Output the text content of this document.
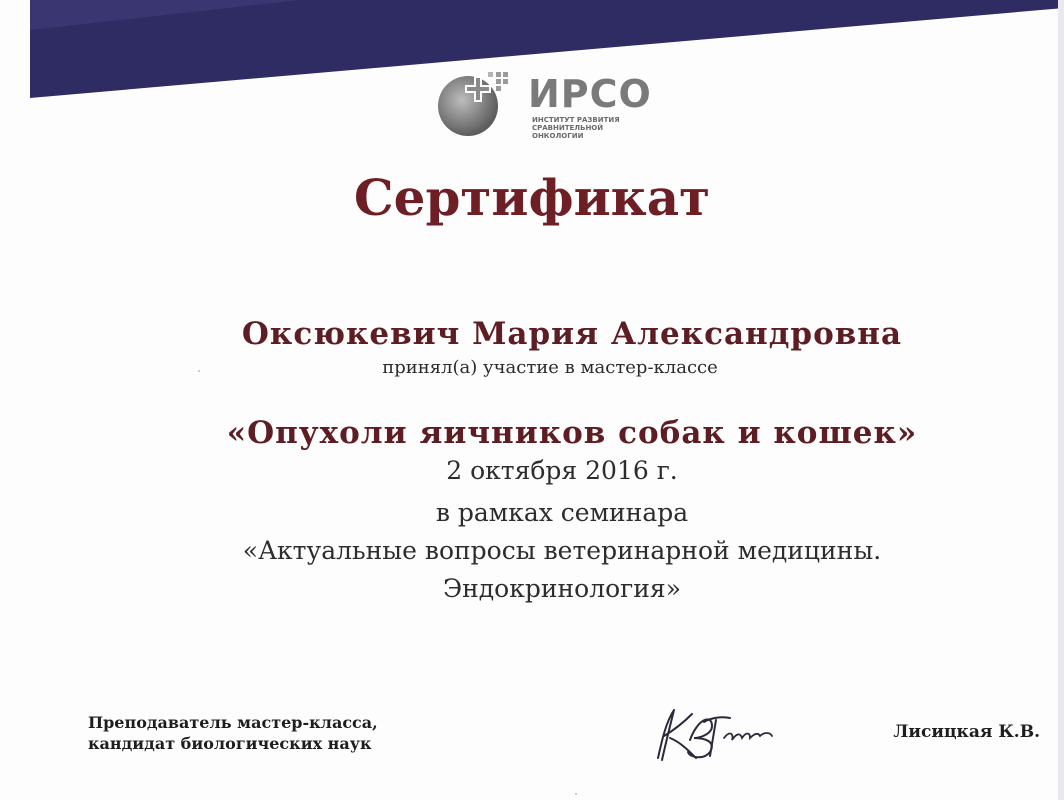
ИРСО
ИНСТИТУТ РАЗВИТИЯ СРАВНИТЕЛЬНОЙ ОНКОЛОГИИ
Сертификат
Оксюкевич Мария Александровна
принял(а) участие в мастер-классе
«Опухоли яичников собак и кошек»
2 октября 2016 г.
в рамках семинара
«Актуальные вопросы ветеринарной медицины.
Эндокринология»
Преподаватель мастер-класса,
кандидат биологических наук
Лисицкая К.В.
